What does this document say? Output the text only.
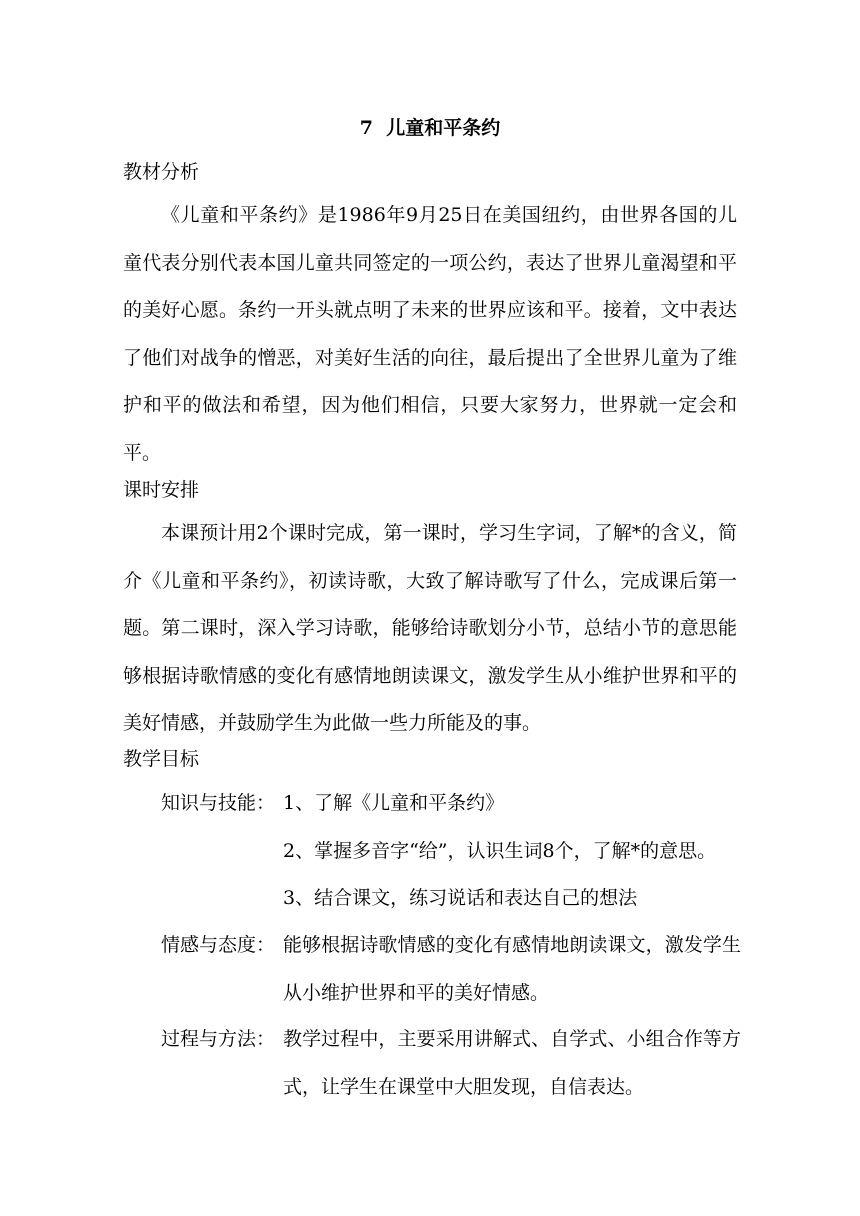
7  儿童和平条约
教材分析

《儿童和平条约》是1986年9月25日在美国纽约，由世界各国的儿童代表分别代表本国儿童共同签定的一项公约，表达了世界儿童渴望和平的美好心愿。条约一开头就点明了未来的世界应该和平。接着，文中表达了他们对战争的憎恶，对美好生活的向往，最后提出了全世界儿童为了维护和平的做法和希望，因为他们相信，只要大家努力，世界就一定会和平。

课时安排

本课预计用2个课时完成，第一课时，学习生字词，了解*的含义，简介《儿童和平条约》，初读诗歌，大致了解诗歌写了什么，完成课后第一题。第二课时，深入学习诗歌，能够给诗歌划分小节，总结小节的意思能够根据诗歌情感的变化有感情地朗读课文，激发学生从小维护世界和平的美好情感，并鼓励学生为此做一些力所能及的事。

教学目标
知识与技能： 1、了解《儿童和平条约》
2、掌握多音字“给”，认识生词8个，了解*的意思。
3、结合课文，练习说话和表达自己的想法
情感与态度： 能够根据诗歌情感的变化有感情地朗读课文，激发学生从小维护世界和平的美好情感。
过程与方法： 教学过程中，主要采用讲解式、自学式、小组合作等方式，让学生在课堂中大胆发现，自信表达。
